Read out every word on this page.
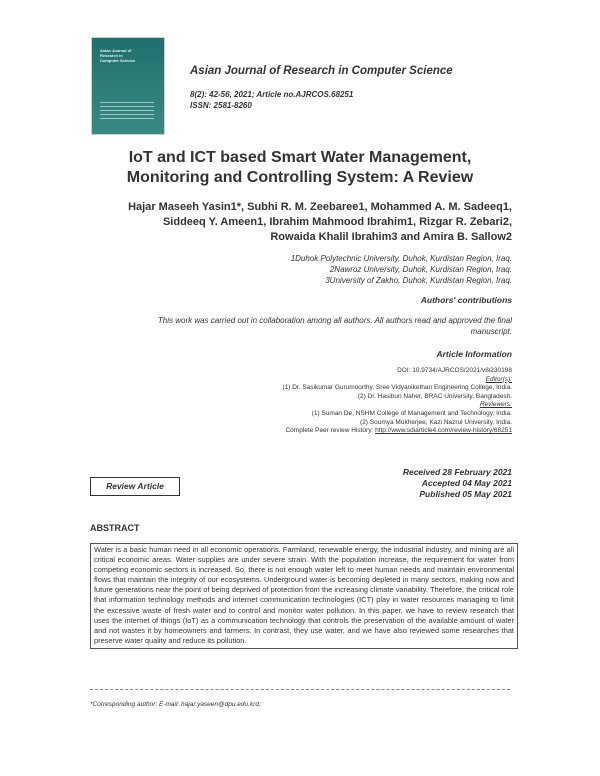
Asian Journal of
Research in
Computer Science
Asian Journal of Research in Computer Science
8(2): 42-56, 2021; Article no.AJRCOS.68251
ISSN: 2581-8260
IoT and ICT based Smart Water Management,
Monitoring and Controlling System: A Review
Hajar Maseeh Yasin1*, Subhi R. M. Zeebaree1, Mohammed A. M. Sadeeq1,
Siddeeq Y. Ameen1, Ibrahim Mahmood Ibrahim1, Rizgar R. Zebari2,
Rowaida Khalil Ibrahim3 and Amira B. Sallow2
1Duhok Polytechnic University, Duhok, Kurdistan Region, Iraq.
2Nawroz University, Duhok, Kurdistan Region, Iraq.
3University of Zakho, Duhok, Kurdistan Region, Iraq.
Authors' contributions
This work was carried out in collaboration among all authors. All authors read and approved the final
manuscript.
Article Information
DOI: 10.9734/AJRCOS/2021/v8i230198
Editor(s):
(1) Dr. Sasikumar Gurumoorthy, Sree Vidyanikethan Engineering College, India.
(2) Dr. Hasibun Naher, BRAC University, Bangladesh.
Reviewers:
(1) Suman De, NSHM College of Management and Technology, India.
(2) Soumya Mukherjee, Kazi Nazrul University, India.
Complete Peer review History: http://www.sdiarticle4.com/review-history/68251
Received 28 February 2021
Accepted 04 May 2021
Published 05 May 2021
Review Article
ABSTRACT
Water is a basic human need in all economic operations. Farmland, renewable energy, the industrial industry, and mining are all critical economic areas. Water supplies are under severe strain. With the population increase, the requirement for water from competing economic sectors is increased. So, there is not enough water left to meet human needs and maintain environmental flows that maintain the integrity of our ecosystems. Underground water is becoming depleted in many sectors, making now and future generations near the point of being deprived of protection from the increasing climate variability. Therefore, the critical role that information technology methods and internet communication technologies (ICT) play in water resources managing to limit the excessive waste of fresh water and to control and monitor water pollution. In this paper, we have to review research that uses the internet of things (IoT) as a communication technology that controls the preservation of the available amount of water and not wastes it by homeowners and farmers. In contrast, they use water, and we have also reviewed some researches that preserve water quality and reduce its pollution.
*Corresponding author: E-mail: hajar.yaseen@dpu.edu.krd;
